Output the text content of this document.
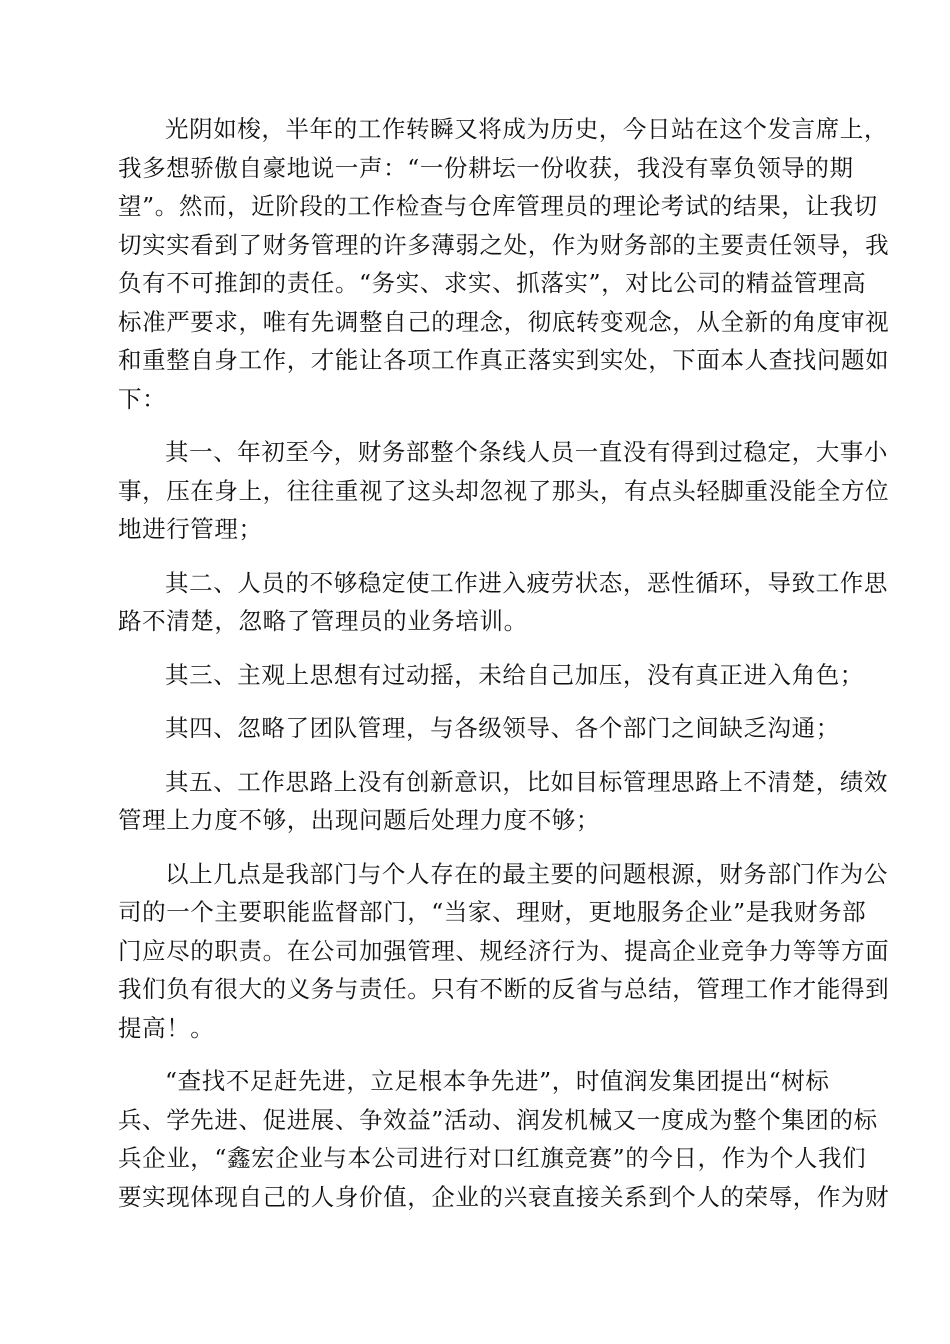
光阴如梭，半年的工作转瞬又将成为历史，今日站在这个发言席上，
我多想骄傲自豪地说一声：“一份耕坛一份收获，我没有辜负领导的期
望”。然而，近阶段的工作检查与仓库管理员的理论考试的结果，让我切
切实实看到了财务管理的许多薄弱之处，作为财务部的主要责任领导，我
负有不可推卸的责任。“务实、求实、抓落实”，对比公司的精益管理高
标准严要求，唯有先调整自己的理念，彻底转变观念，从全新的角度审视
和重整自身工作，才能让各项工作真正落实到实处，下面本人查找问题如
下：
其一、年初至今，财务部整个条线人员一直没有得到过稳定，大事小
事，压在身上，往往重视了这头却忽视了那头，有点头轻脚重没能全方位
地进行管理；
其二、人员的不够稳定使工作进入疲劳状态，恶性循环，导致工作思
路不清楚，忽略了管理员的业务培训。
其三、主观上思想有过动摇，未给自己加压，没有真正进入角色；
其四、忽略了团队管理，与各级领导、各个部门之间缺乏沟通；
其五、工作思路上没有创新意识，比如目标管理思路上不清楚，绩效
管理上力度不够，出现问题后处理力度不够；
以上几点是我部门与个人存在的最主要的问题根源，财务部门作为公
司的一个主要职能监督部门，“当家、理财，更地服务企业”是我财务部
门应尽的职责。在公司加强管理、规经济行为、提高企业竞争力等等方面
我们负有很大的义务与责任。只有不断的反省与总结，管理工作才能得到
提高！。
“查找不足赶先进，立足根本争先进”，时值润发集团提出“树标
兵、学先进、促进展、争效益”活动、润发机械又一度成为整个集团的标
兵企业，“鑫宏企业与本公司进行对口红旗竞赛”的今日，作为个人我们
要实现体现自己的人身价值，企业的兴衰直接关系到个人的荣辱，作为财
